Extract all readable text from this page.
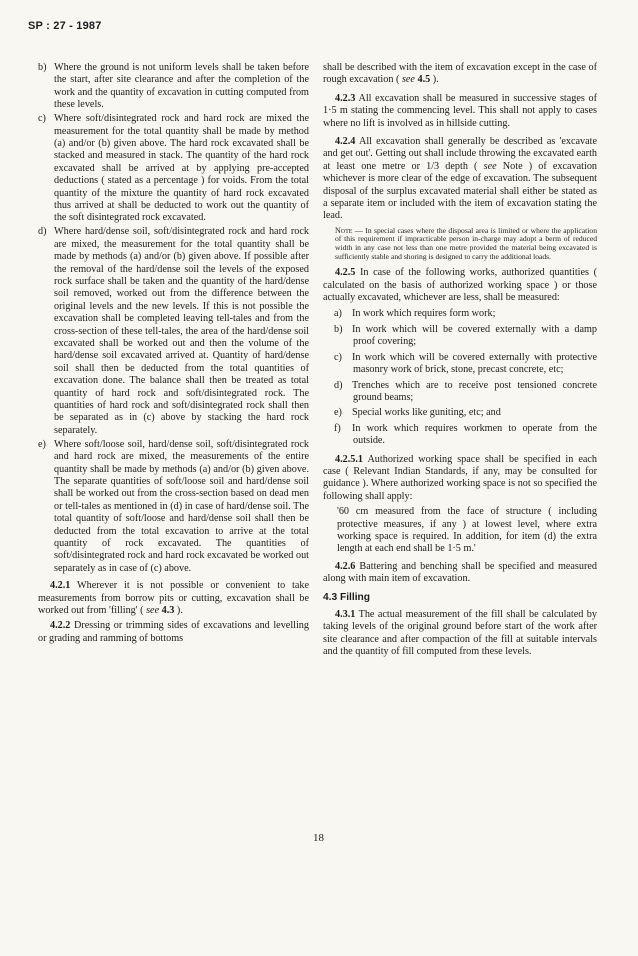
SP : 27 - 1987
b) Where the ground is not uniform levels shall be taken before the start, after site clearance and after the completion of the work and the quantity of excavation in cutting computed from these levels.
c) Where soft/disintegrated rock and hard rock are mixed the measurement for the total quantity shall be made by method (a) and/or (b) given above. The hard rock excavated shall be stacked and measured in stack. The quantity of the hard rock excavated shall be arrived at by applying pre-accepted deductions ( stated as a percentage ) for voids. From the total quantity of the mixture the quantity of hard rock excavated thus arrived at shall be deducted to work out the quantity of the soft disintegrated rock excavated.
d) Where hard/dense soil, soft/disintegrated rock and hard rock are mixed, the measurement for the total quantity shall be made by methods (a) and/or (b) given above. If possible after the removal of the hard/dense soil the levels of the exposed rock surface shall be taken and the quantity of the hard/dense soil removed, worked out from the difference between the original levels and the new levels. If this is not possible the excavation shall be completed leaving tell-tales and from the cross-section of these tell-tales, the area of the hard/dense soil excavated shall be worked out and then the volume of the hard/dense soil excavated arrived at. Quantity of hard/dense soil shall then be deducted from the total quantities of excavation done. The balance shall then be treated as total quantity of hard rock and soft/disintegrated rock. The quantities of hard rock and soft/disintegrated rock shall then be separated as in (c) above by stacking the hard rock separately.
e) Where soft/loose soil, hard/dense soil, soft/disintegrated rock and hard rock are mixed, the measurements of the entire quantity shall be made by methods (a) and/or (b) given above. The separate quantities of soft/loose soil and hard/dense soil shall be worked out from the cross-section based on dead men or tell-tales as mentioned in (d) in case of hard/dense soil. The total quantity of soft/loose and hard/dense soil shall then be deducted from the total excavation to arrive at the total quantity of rock excavated. The quantities of soft/disintegrated rock and hard rock excavated be worked out separately as in case of (c) above.

4.2.1 Wherever it is not possible or convenient to take measurements from borrow pits or cutting, excavation shall be worked out from 'filling' ( see 4.3 ).

4.2.2 Dressing or trimming sides of excavations and levelling or grading and ramming of bottoms

shall be described with the item of excavation except in the case of rough excavation ( see 4.5 ).

4.2.3 All excavation shall be measured in successive stages of 1·5 m stating the commencing level. This shall not apply to cases where no lift is involved as in hillside cutting.

4.2.4 All excavation shall generally be described as 'excavate and get out'. Getting out shall include throwing the excavated earth at least one metre or 1/3 depth ( see Note ) of excavation whichever is more clear of the edge of excavation. The subsequent disposal of the surplus excavated material shall either be stated as a separate item or included with the item of excavation stating the lead.

Note — In special cases where the disposal area is limited or where the application of this requirement if impracticable person in-charge may adopt a berm of reduced width in any case not less than one metre provided the material being excavated is sufficiently stable and shoring is designed to carry the additional loads.

4.2.5 In case of the following works, authorized quantities ( calculated on the basis of authorized working space ) or those actually excavated, whichever are less, shall be measured:

a) In work which requires form work;
b) In work which will be covered externally with a damp proof covering;
c) In work which will be covered externally with protective masonry work of brick, stone, precast concrete, etc;
d) Trenches which are to receive post tensioned concrete ground beams;
e) Special works like guniting, etc; and
f) In work which requires workmen to operate from the outside.

4.2.5.1 Authorized working space shall be specified in each case ( Relevant Indian Standards, if any, may be consulted for guidance ). Where authorized working space is not so specified the following shall apply:

'60 cm measured from the face of structure ( including protective measures, if any ) at lowest level, where extra working space is required. In addition, for item (d) the extra length at each end shall be 1·5 m.'

4.2.6 Battering and benching shall be specified and measured along with main item of excavation.

4.3 Filling

4.3.1 The actual measurement of the fill shall be calculated by taking levels of the original ground before start of the work after site clearance and after compaction of the fill at suitable intervals and the quantity of fill computed from these levels.

18
